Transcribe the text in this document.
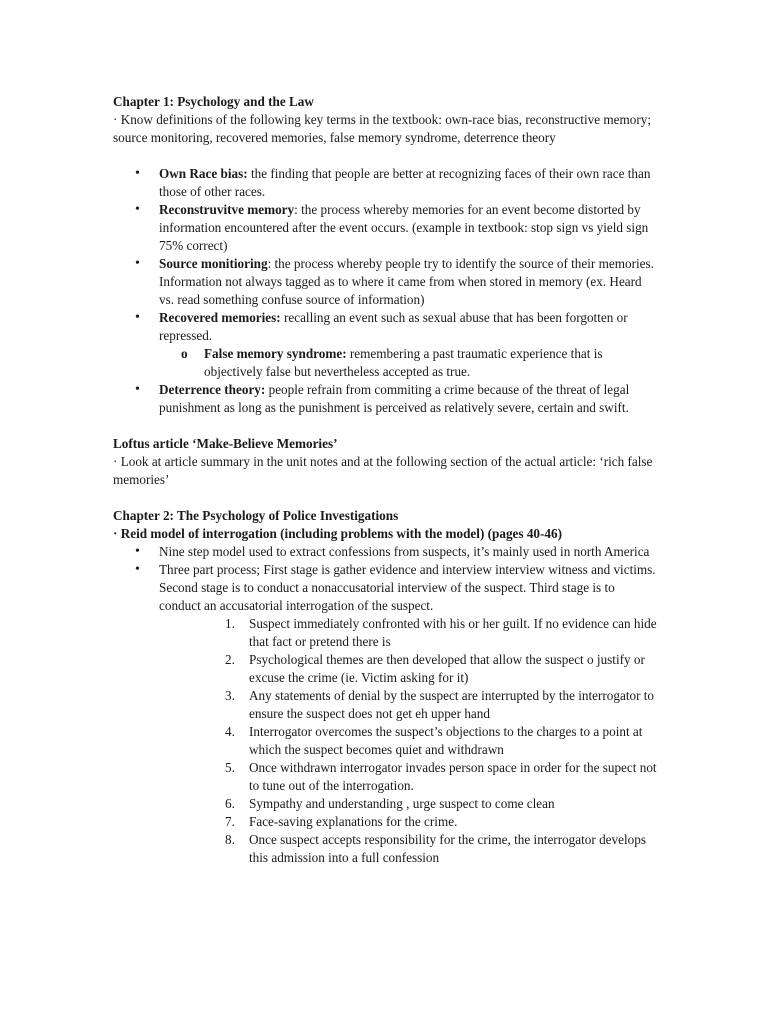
Chapter 1: Psychology and the Law
· Know definitions of the following key terms in the textbook: own-race bias, reconstructive memory; source monitoring, recovered memories, false memory syndrome, deterrence theory
• Own Race bias: the finding that people are better at recognizing faces of their own race than those of other races.
• Reconstruvitve memory: the process whereby memories for an event become distorted by information encountered after the event occurs. (example in textbook: stop sign vs yield sign 75% correct)
• Source monitioring: the process whereby people try to identify the source of their memories. Information not always tagged as to where it came from when stored in memory (ex. Heard vs. read something confuse source of information)
• Recovered memories: recalling an event such as sexual abuse that has been forgotten or repressed.
o False memory syndrome: remembering a past traumatic experience that is objectively false but nevertheless accepted as true.
• Deterrence theory: people refrain from commiting a crime because of the threat of legal punishment as long as the punishment is perceived as relatively severe, certain and swift.
Loftus article ‘Make-Believe Memories’
· Look at article summary in the unit notes and at the following section of the actual article: ‘rich false memories’
Chapter 2: The Psychology of Police Investigations
· Reid model of interrogation (including problems with the model) (pages 40-46)
• Nine step model used to extract confessions from suspects, it’s mainly used in north America
• Three part process; First stage is gather evidence and interview interview witness and victims. Second stage is to conduct a nonaccusatorial interview of the suspect. Third stage is to conduct an accusatorial interrogation of the suspect.
1. Suspect immediately confronted with his or her guilt. If no evidence can hide that fact or pretend there is
2. Psychological themes are then developed that allow the suspect o justify or excuse the crime (ie. Victim asking for it)
3. Any statements of denial by the suspect are interrupted by the interrogator to ensure the suspect does not get eh upper hand
4. Interrogator overcomes the suspect’s objections to the charges to a point at which the suspect becomes quiet and withdrawn
5. Once withdrawn interrogator invades person space in order for the supect not to tune out of the interrogation.
6. Sympathy and understanding , urge suspect to come clean
7. Face-saving explanations for the crime.
8. Once suspect accepts responsibility for the crime, the interrogator develops this admission into a full confession
